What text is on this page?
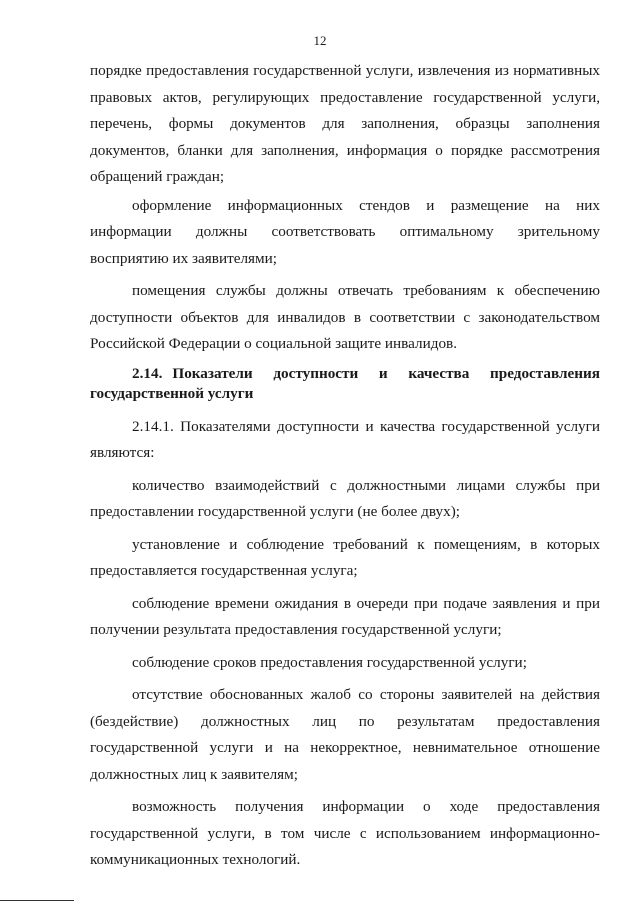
12

порядке предоставления государственной услуги, извлечения из нормативных правовых актов, регулирующих предоставление государственной услуги, перечень, формы документов для заполнения, образцы заполнения документов, бланки для заполнения, информация о порядке рассмотрения обращений граждан;

оформление информационных стендов и размещение на них информации должны соответствовать оптимальному зрительному восприятию их заявителями;

помещения службы должны отвечать требованиям к обеспечению доступности объектов для инвалидов в соответствии с законодательством Российской Федерации о социальной защите инвалидов.

2.14. Показатели доступности и качества предоставления государственной услуги

2.14.1. Показателями доступности и качества государственной услуги являются:

количество взаимодействий с должностными лицами службы при предоставлении государственной услуги (не более двух);

установление и соблюдение требований к помещениям, в которых предоставляется государственная услуга;

соблюдение времени ожидания в очереди при подаче заявления и при получении результата предоставления государственной услуги;

соблюдение сроков предоставления государственной услуги;

отсутствие обоснованных жалоб со стороны заявителей на действия (бездействие) должностных лиц по результатам предоставления государственной услуги и на некорректное, невнимательное отношение должностных лиц к заявителям;

возможность получения информации о ходе предоставления государственной услуги, в том числе с использованием информационно-коммуникационных технологий.
